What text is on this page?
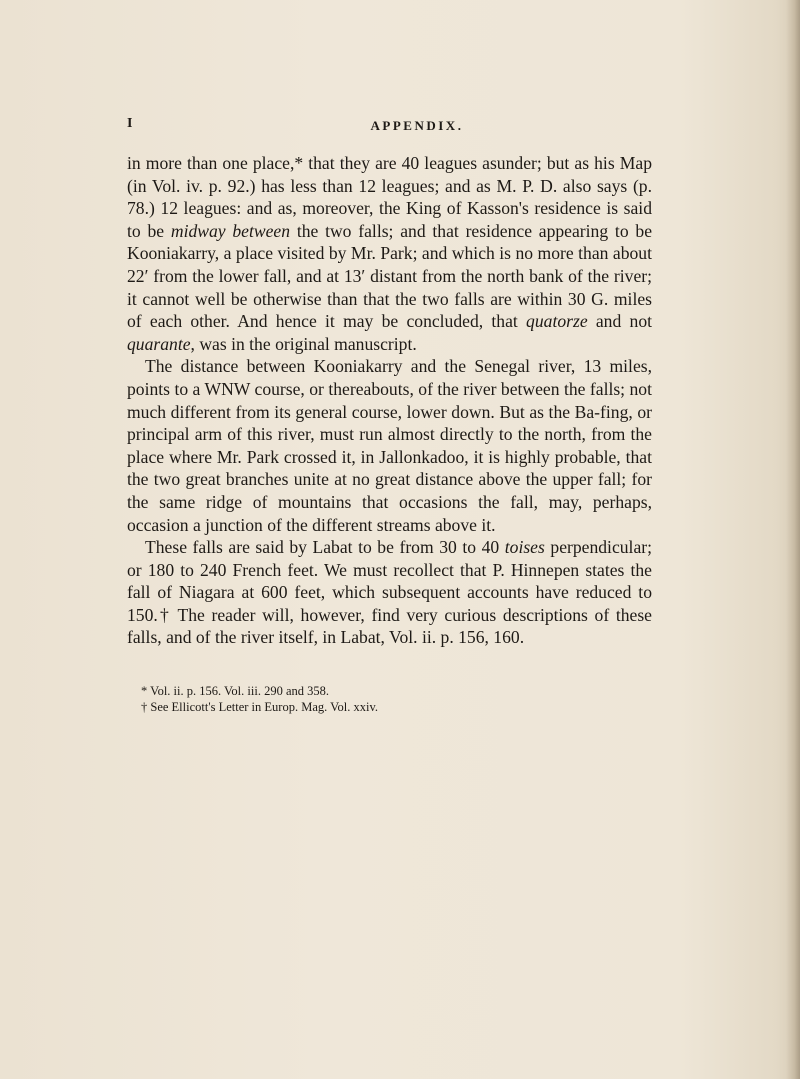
I	APPENDIX.

in more than one place,* that they are 40 leagues asunder; but as his Map (in Vol. iv. p. 92.) has less than 12 leagues; and as M. P. D. also says (p. 78.) 12 leagues: and as, moreover, the King of Kasson's residence is said to be midway between the two falls; and that residence appearing to be Kooniakarry, a place visited by Mr. Park; and which is no more than about 22′ from the lower fall, and at 13′ distant from the north bank of the river; it cannot well be otherwise than that the two falls are within 30 G. miles of each other. And hence it may be concluded, that quatorze and not quarante, was in the original manuscript.

The distance between Kooniakarry and the Senegal river, 13 miles, points to a WNW course, or thereabouts, of the river between the falls; not much different from its general course, lower down. But as the Ba-fing, or principal arm of this river, must run almost directly to the north, from the place where Mr. Park crossed it, in Jallonkadoo, it is highly probable, that the two great branches unite at no great distance above the upper fall; for the same ridge of mountains that occasions the fall, may, perhaps, occasion a junction of the different streams above it.

These falls are said by Labat to be from 30 to 40 toises perpendicular; or 180 to 240 French feet. We must recollect that P. Hinnepen states the fall of Niagara at 600 feet, which subsequent accounts have reduced to 150.† The reader will, however, find very curious descriptions of these falls, and of the river itself, in Labat, Vol. ii. p. 156, 160.

* Vol. ii. p. 156. Vol. iii. 290 and 358.
† See Ellicott's Letter in Europ. Mag. Vol. xxiv.
